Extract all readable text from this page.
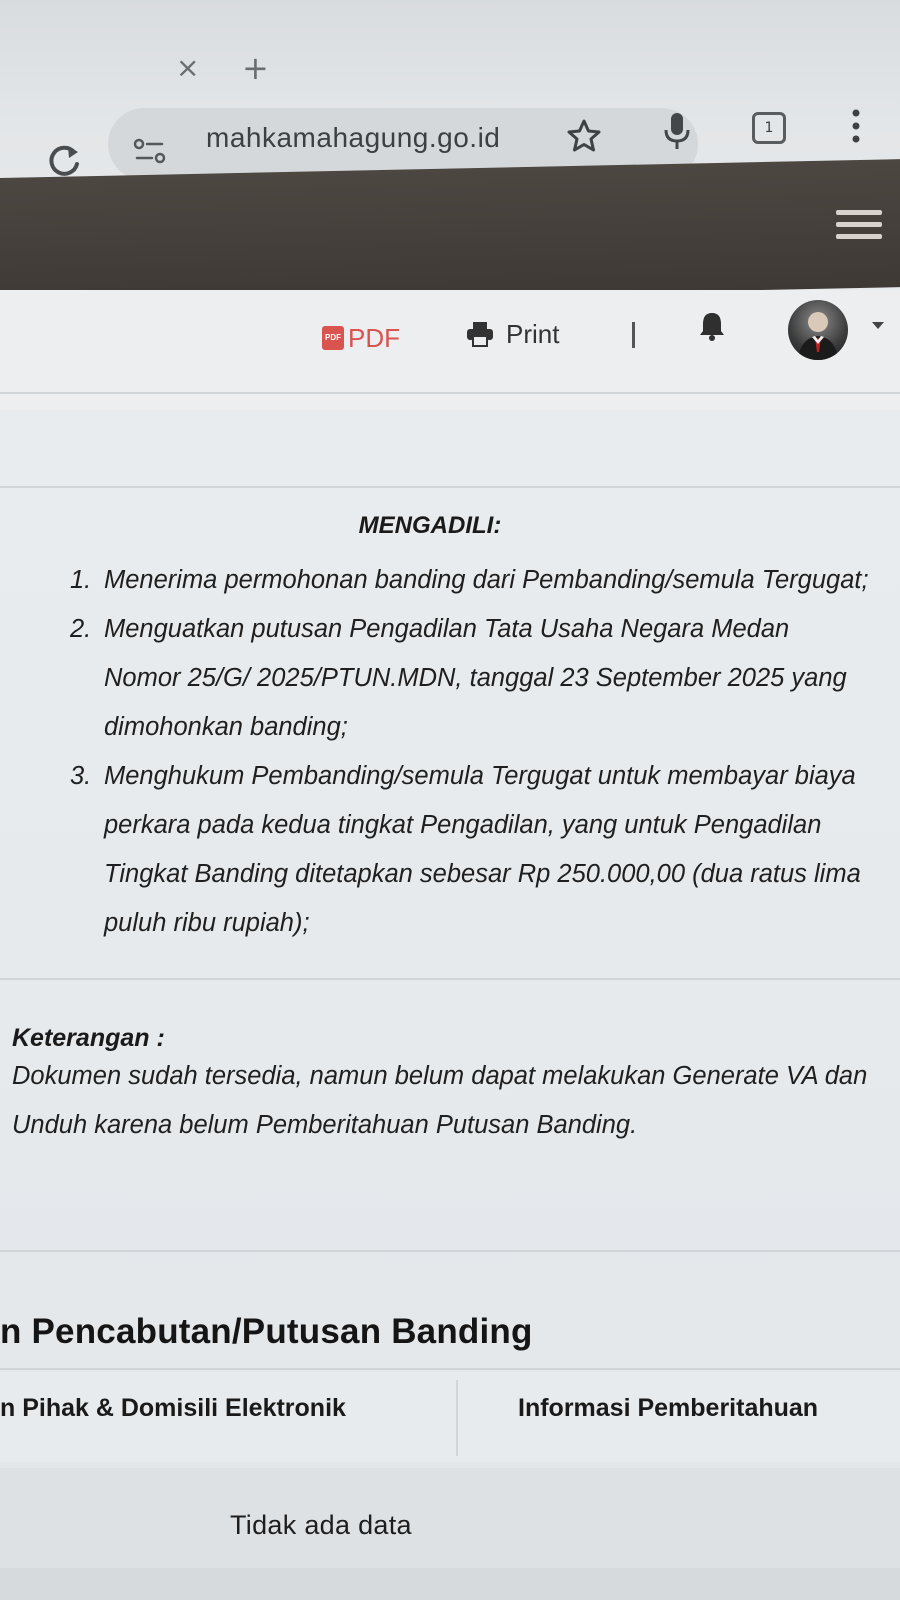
× +
mahkamahagung.go.id	1
PDF PDF	Print
MENGADILI:
1. Menerima permohonan banding dari Pembanding/semula Tergugat;
2. Menguatkan putusan Pengadilan Tata Usaha Negara Medan Nomor 25/G/ 2025/PTUN.MDN, tanggal 23 September 2025 yang dimohonkan banding;
3. Menghukum Pembanding/semula Tergugat untuk membayar biaya perkara pada kedua tingkat Pengadilan, yang untuk Pengadilan Tingkat Banding ditetapkan sebesar Rp 250.000,00 (dua ratus lima puluh ribu rupiah);
Keterangan :
Dokumen sudah tersedia, namun belum dapat melakukan Generate VA dan Unduh karena belum Pemberitahuan Putusan Banding.
n Pencabutan/Putusan Banding
n Pihak & Domisili Elektronik	Informasi Pemberitahuan
Tidak ada data
